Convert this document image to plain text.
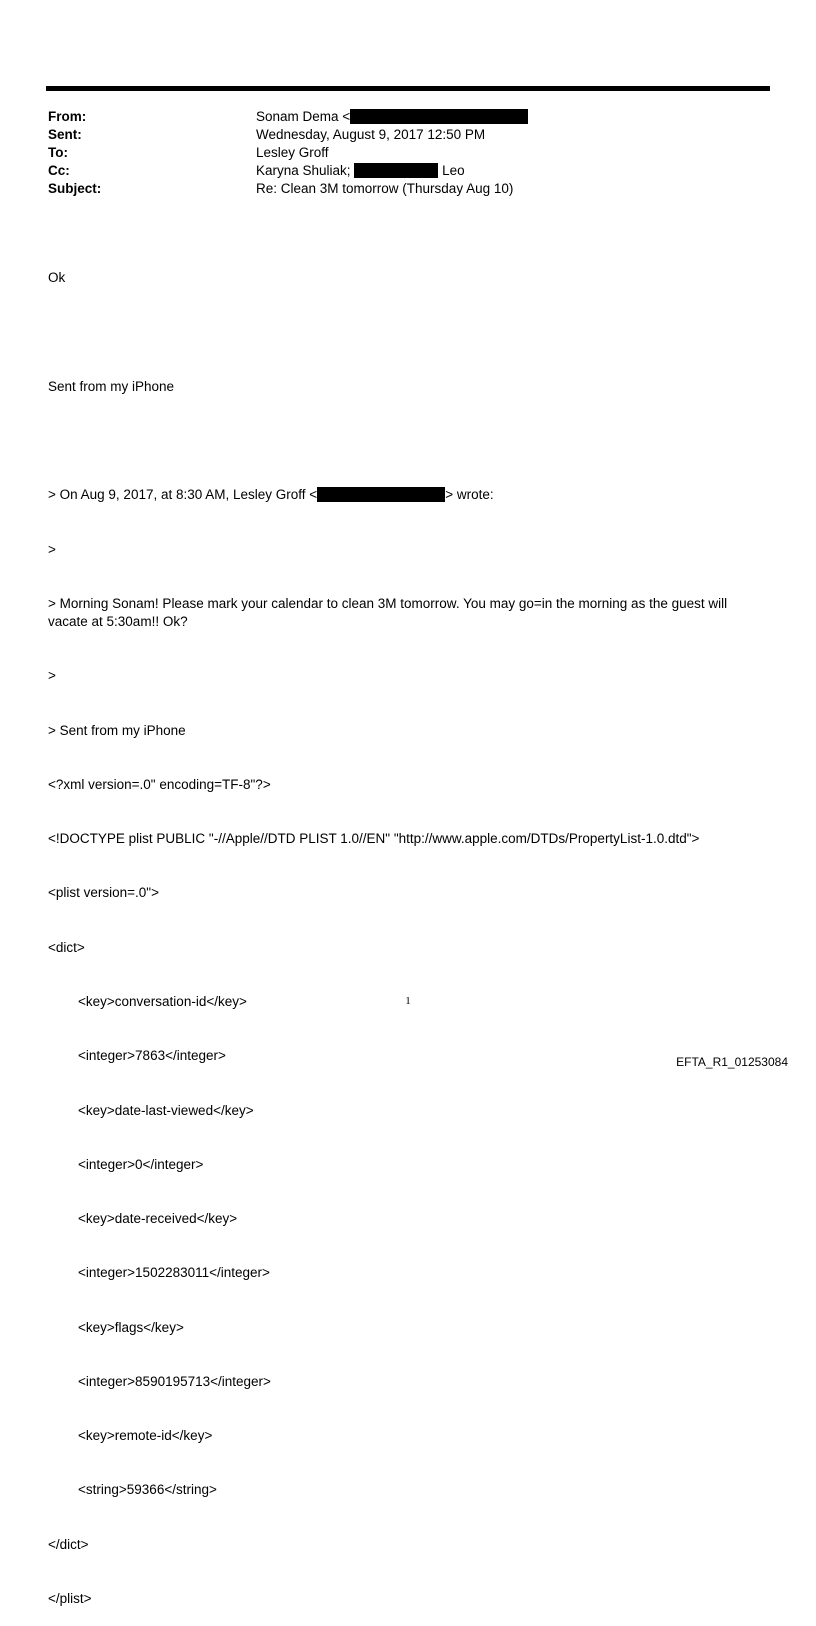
From:	Sonam Dema <
Sent:	Wednesday, August 9, 2017 12:50 PM
To:	Lesley Groff
Cc:	Karyna Shuliak;	Leo
Subject:	Re: Clean 3M tomorrow (Thursday Aug 10)

Ok

Sent from my iPhone

> On Aug 9, 2017, at 8:30 AM, Lesley Groff <	> wrote:

>

> Morning Sonam! Please mark your calendar to clean 3M tomorrow. You may go=in the morning as the guest will vacate at 5:30am!! Ok?

>

> Sent from my iPhone

<?xml version=.0" encoding=TF-8"?>

<!DOCTYPE plist PUBLIC "-//Apple//DTD PLIST 1.0//EN" "http://www.apple.com/DTDs/PropertyList-1.0.dtd">

<plist version=.0">

<dict>

<key>conversation-id</key>

<integer>7863</integer>

<key>date-last-viewed</key>

<integer>0</integer>

<key>date-received</key>

<integer>1502283011</integer>

<key>flags</key>

<integer>8590195713</integer>

<key>remote-id</key>

<string>59366</string>

</dict>

</plist>

1
EFTA_R1_01253084
